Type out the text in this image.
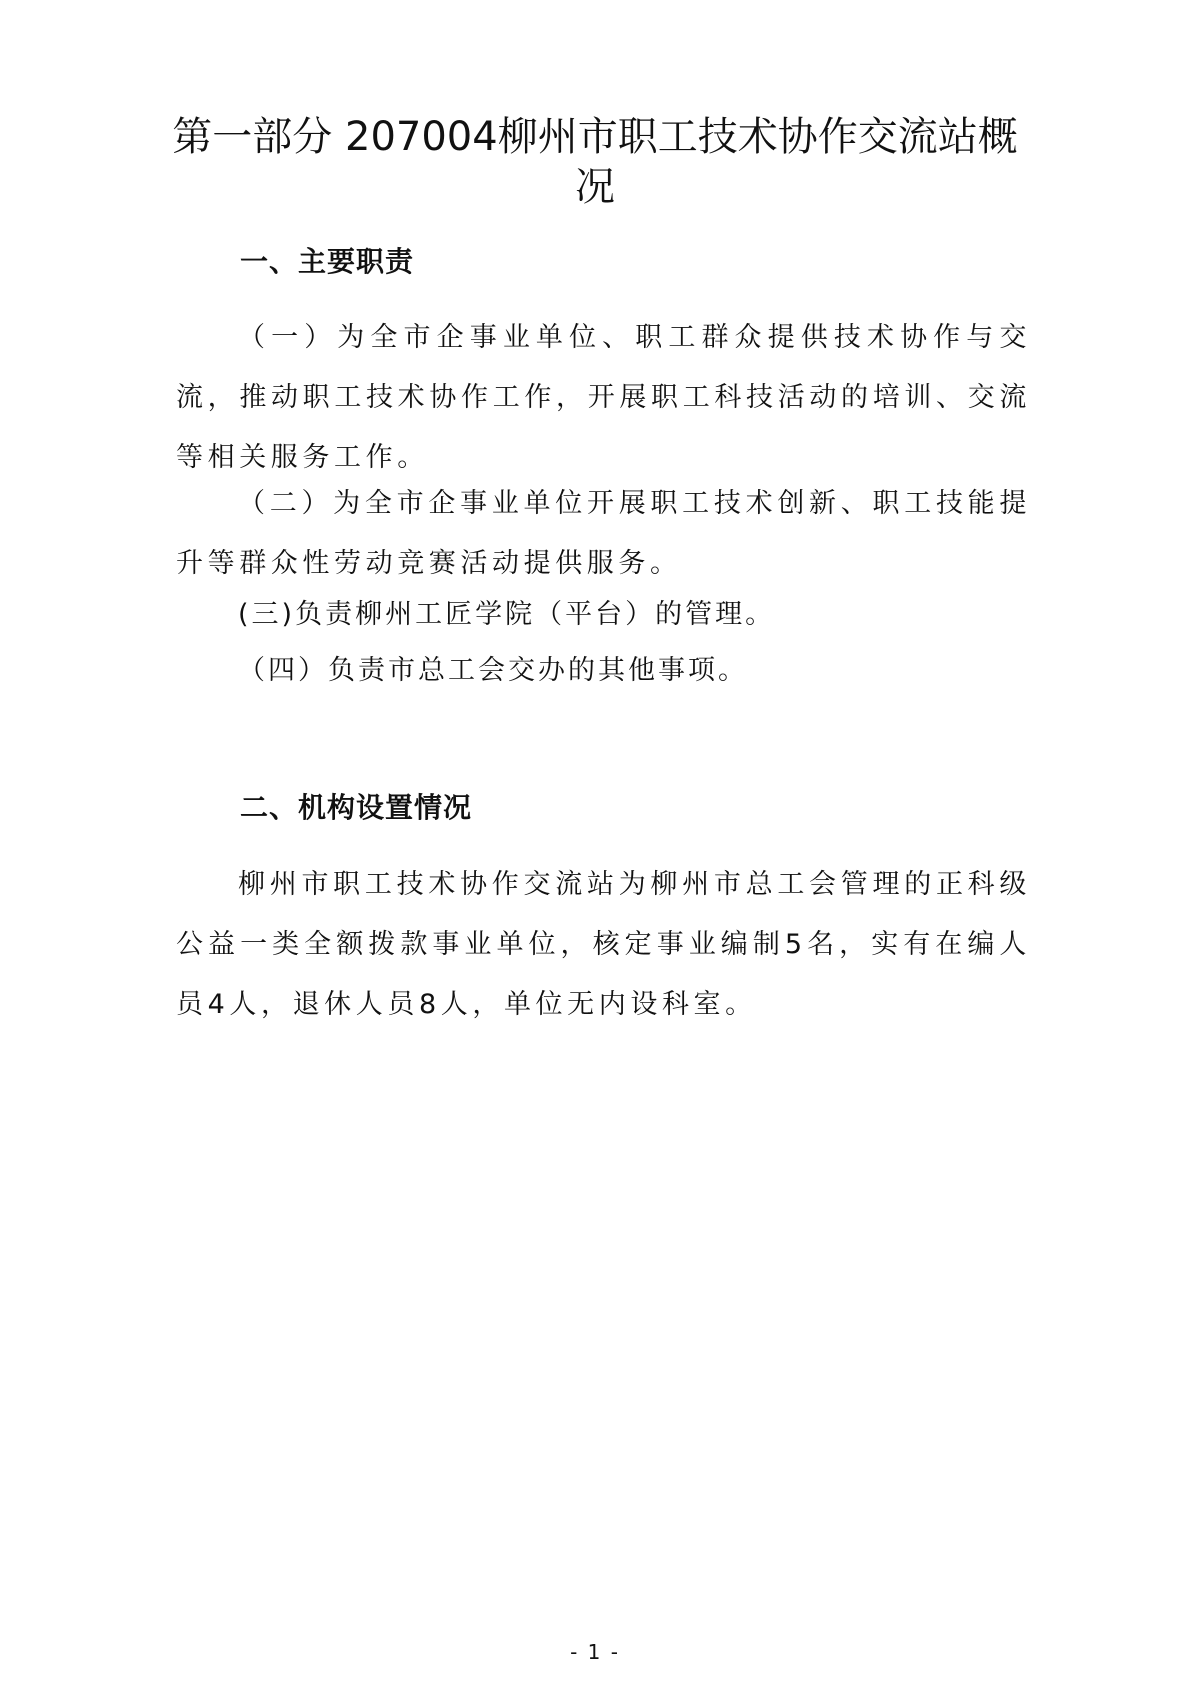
第一部分 207004柳州市职工技术协作交流站概况
一、主要职责

（一）为全市企事业单位、职工群众提供技术协作与交流，推动职工技术协作工作，开展职工科技活动的培训、交流等相关服务工作。

（二）为全市企事业单位开展职工技术创新、职工技能提升等群众性劳动竞赛活动提供服务。

(三)负责柳州工匠学院（平台）的管理。

（四）负责市总工会交办的其他事项。

二、机构设置情况

柳州市职工技术协作交流站为柳州市总工会管理的正科级公益一类全额拨款事业单位，核定事业编制5名，实有在编人员4人，退休人员8人，单位无内设科室。

- 1 -
